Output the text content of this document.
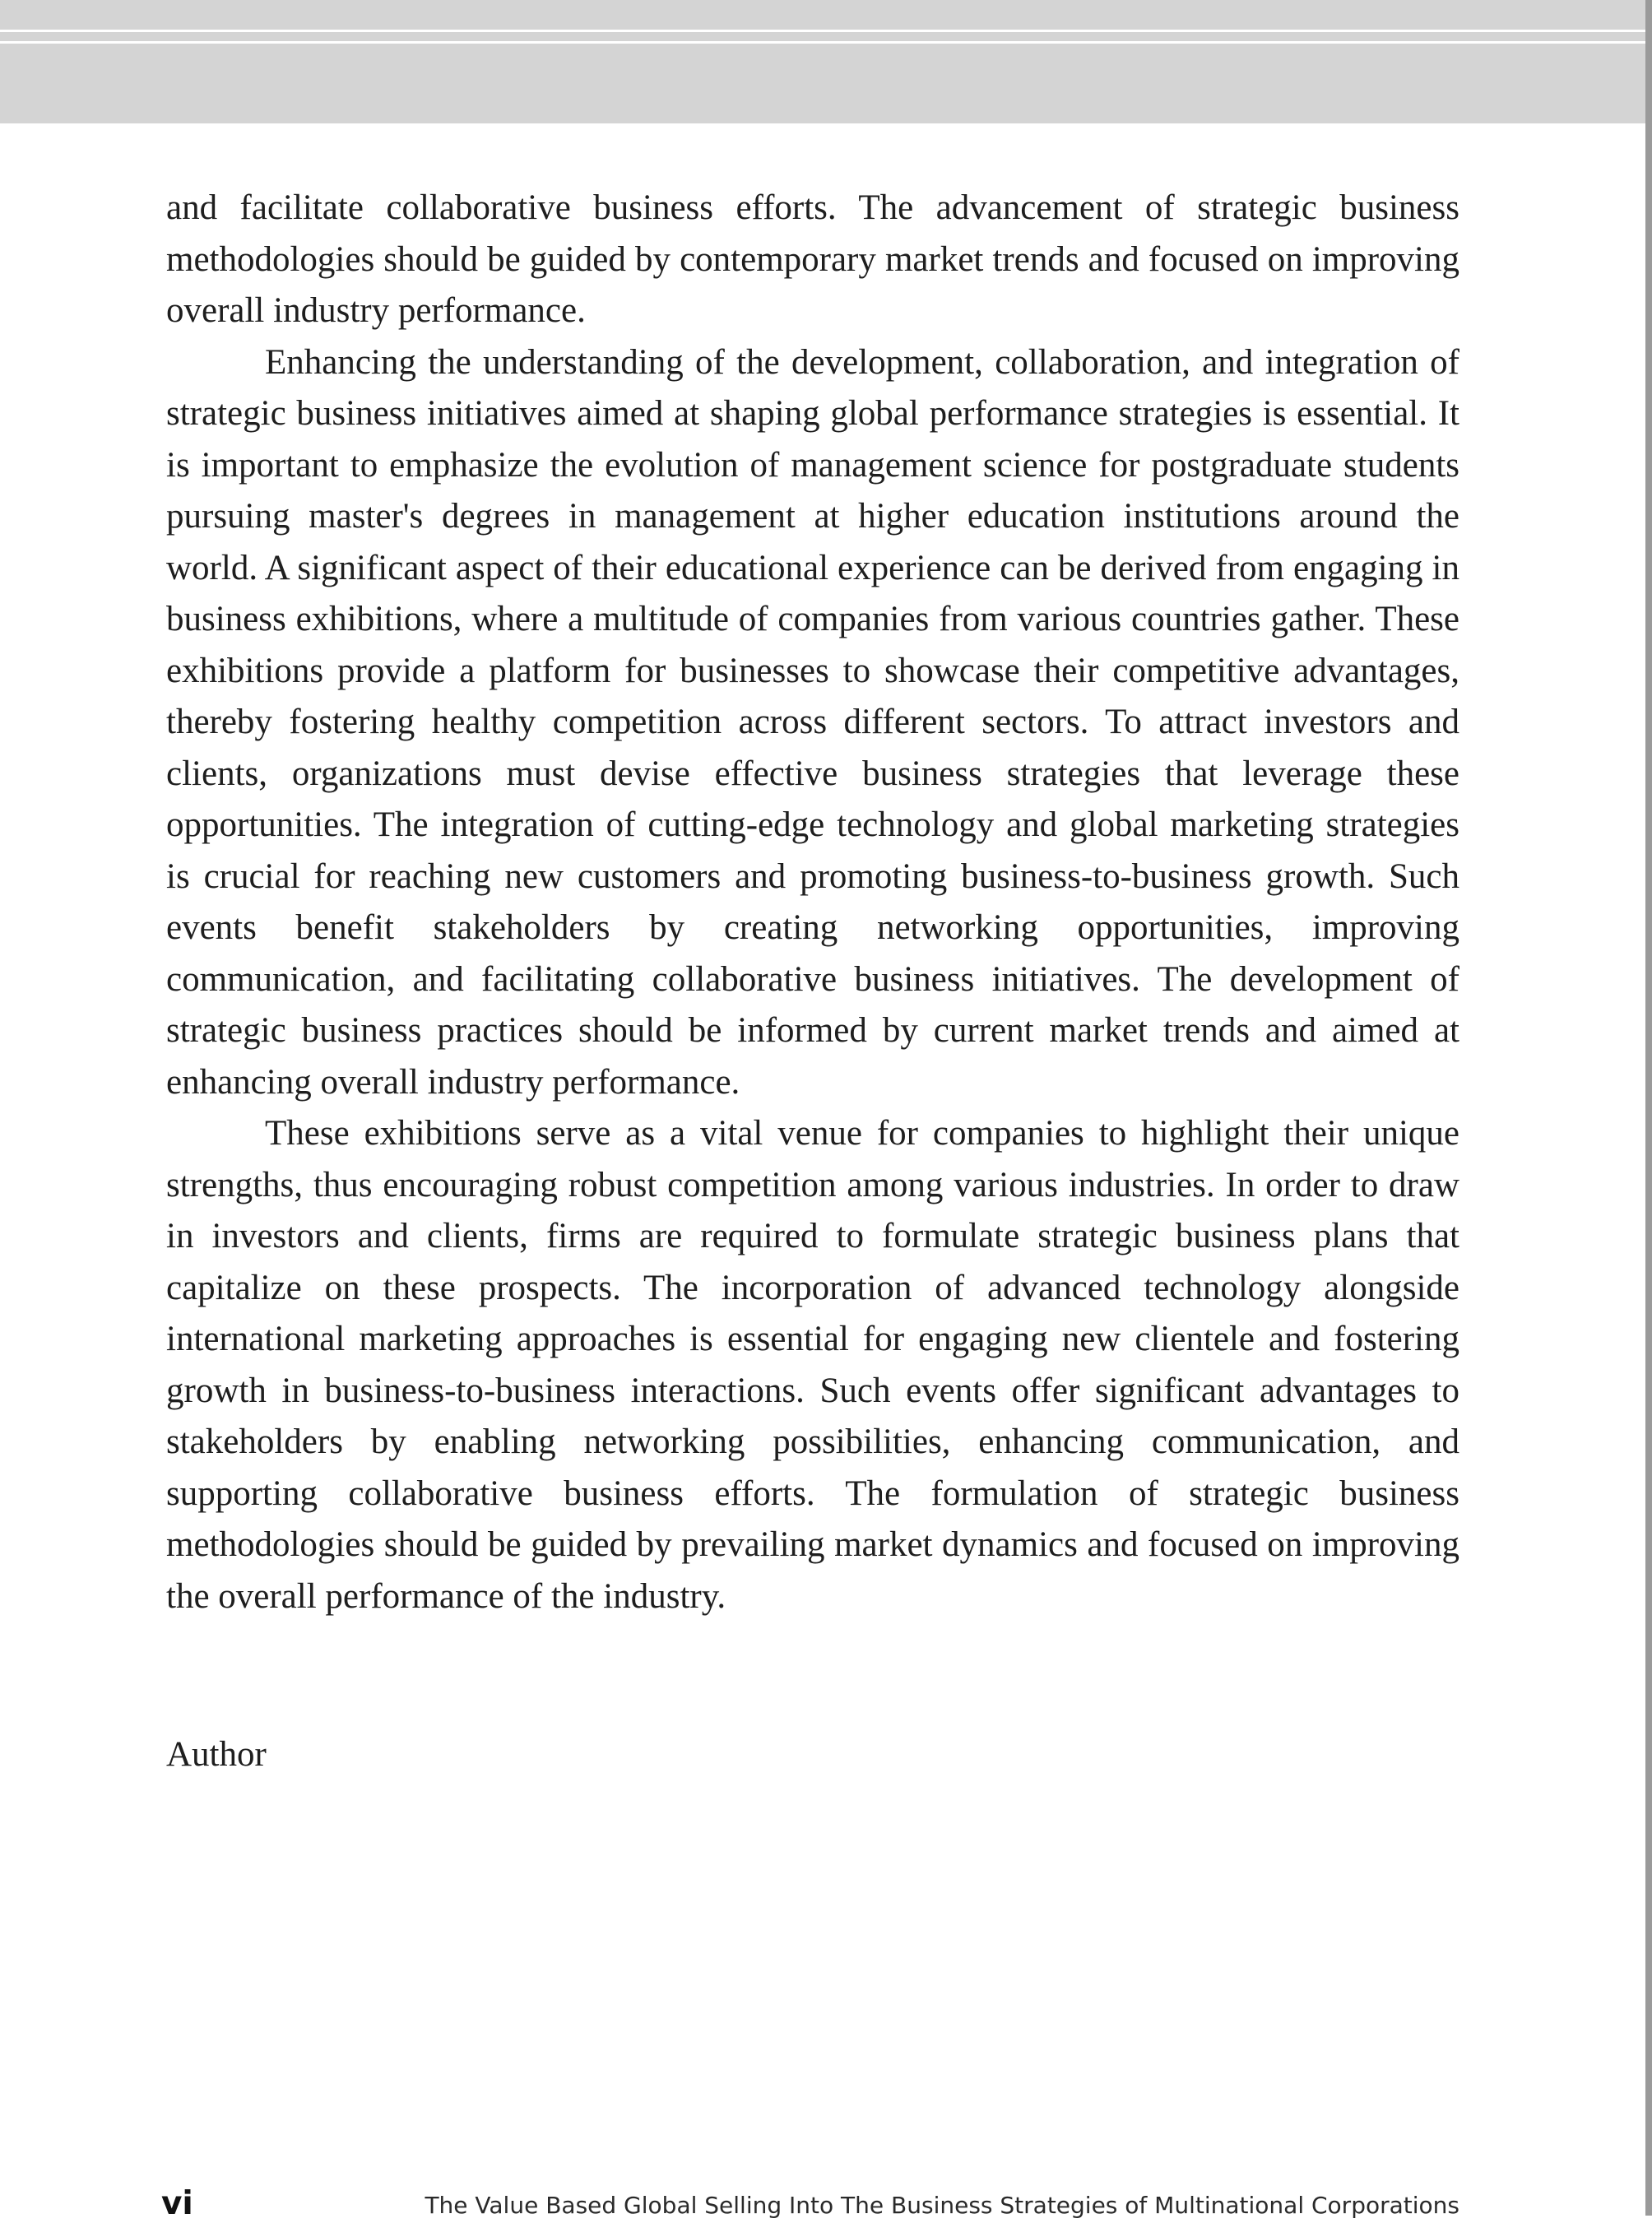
and facilitate collaborative business efforts. The advancement of strategic business methodologies should be guided by contemporary market trends and focused on improving overall industry performance.

Enhancing the understanding of the development, collaboration, and integration of strategic business initiatives aimed at shaping global performance strategies is essential. It is important to emphasize the evolution of management science for postgraduate students pursuing master's degrees in management at higher education institutions around the world. A significant aspect of their educational experience can be derived from engaging in business exhibitions, where a multitude of companies from various countries gather. These exhibitions provide a platform for businesses to showcase their competitive advantages, thereby fostering healthy competition across different sectors. To attract investors and clients, organizations must devise effective business strategies that leverage these opportunities. The integration of cutting-edge technology and global marketing strategies is crucial for reaching new customers and promoting business-to-business growth. Such events benefit stakeholders by creating networking opportunities, improving communication, and facilitating collaborative business initiatives. The development of strategic business practices should be informed by current market trends and aimed at enhancing overall industry performance.

These exhibitions serve as a vital venue for companies to highlight their unique strengths, thus encouraging robust competition among various industries. In order to draw in investors and clients, firms are required to formulate strategic business plans that capitalize on these prospects. The incorporation of advanced technology alongside international marketing approaches is essential for engaging new clientele and fostering growth in business-to-business interactions. Such events offer significant advantages to stakeholders by enabling networking possibilities, enhancing communication, and supporting collaborative business efforts. The formulation of strategic business methodologies should be guided by prevailing market dynamics and focused on improving the overall performance of the industry.

Author

vi	The Value Based Global Selling Into The Business Strategies of Multinational Corporations
